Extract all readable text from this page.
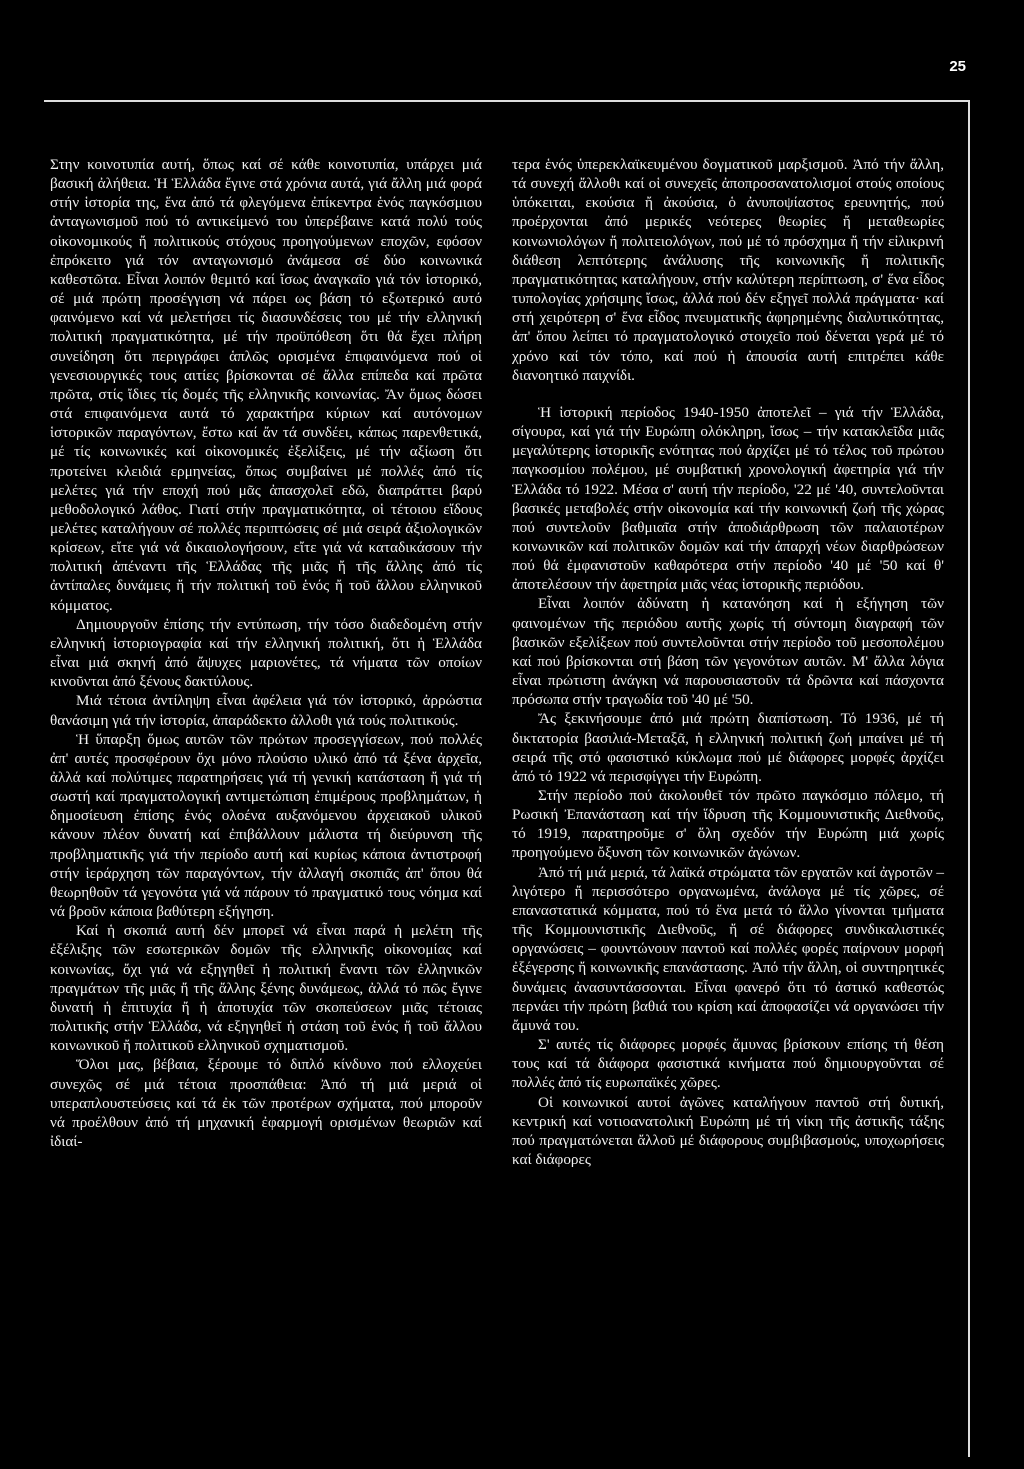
25

Στην κοινοτυπία αυτή, ὅπως καί σέ κάθε κοινοτυπία, υπάρχει μιά βασική ἀλήθεια. Ἡ Ἑλλάδα ἔγινε στά χρόνια αυτά, γιά ἄλλη μιά φορά στήν ἱστορία της, ἕνα ἀπό τά φλεγόμενα ἐπίκεντρα ἑνός παγκόσμιου ἀνταγωνισμοῦ πού τό αντικείμενό του ὑπερέβαινε κατά πολύ τούς οἰκονομικούς ἤ πολιτικούς στόχους προηγούμενων εποχῶν, εφόσον ἐπρόκειτο γιά τόν ανταγωνισμό ἀνάμεσα σέ δύο κοινωνικά καθεστῶτα. Εἶναι λοιπόν θεμιτό καί ἴσως ἀναγκαῖο γιά τόν ἱστορικό, σέ μιά πρώτη προσέγγιση νά πάρει ως βάση τό εξωτερικό αυτό φαινόμενο καί νά μελετήσει τίς διασυνδέσεις του μέ τήν ελληνική πολιτική πραγματικότητα, μέ τήν προϋπόθεση ὅτι θά ἔχει πλήρη συνείδηση ὅτι περιγράφει ἁπλῶς ορισμένα ἐπιφαινόμενα πού οἱ γενεσιουργικές τους αιτίες βρίσκονται σέ ἄλλα επίπεδα καί πρῶτα πρῶτα, στίς ἴδιες τίς δομές τῆς ελληνικῆς κοινωνίας. Ἄν ὅμως δώσει στά επιφαινόμενα αυτά τό χαρακτήρα κύριων καί αυτόνομων ἱστορικῶν παραγόντων, ἔστω καί ἄν τά συνδέει, κάπως παρενθετικά, μέ τίς κοινωνικές καί οἰκονομικές ἐξελίξεις, μέ τήν αξίωση ὅτι προτείνει κλειδιά ερμηνείας, ὅπως συμβαίνει μέ πολλές ἀπό τίς μελέτες γιά τήν εποχή πού μᾶς ἀπασχολεῖ εδῶ, διαπράττει βαρύ μεθοδολογικό λάθος. Γιατί στήν πραγματικότητα, οἱ τέτοιου εἴδους μελέτες καταλήγουν σέ πολλές περιπτώσεις σέ μιά σειρά ἀξιολογικῶν κρίσεων, εἴτε γιά νά δικαιολογήσουν, εἴτε γιά νά καταδικάσουν τήν πολιτική ἀπέναντι τῆς Ἑλλάδας τῆς μιᾶς ἤ τῆς ἄλλης ἀπό τίς ἀντίπαλες δυνάμεις ἤ τήν πολιτική τοῦ ἑνός ἤ τοῦ ἄλλου ελληνικοῦ κόμματος.

Δημιουργοῦν ἐπίσης τήν εντύπωση, τήν τόσο διαδεδομένη στήν ελληνική ἱστοριογραφία καί τήν ελληνική πολιτική, ὅτι ἡ Ἑλλάδα εἶναι μιά σκηνή ἀπό ἄψυχες μαριονέτες, τά νήματα τῶν οποίων κινοῦνται ἀπό ξένους δακτύλους.

Μιά τέτοια ἀντίληψη εἶναι ἀφέλεια γιά τόν ἱστορικό, ἀρρώστια θανάσιμη γιά τήν ἱστορία, ἀπαράδεκτο ἀλλοθι γιά τούς πολιτικούς.

Ἡ ὕπαρξη ὅμως αυτῶν τῶν πρώτων προσεγγίσεων, πού πολλές ἀπ' αυτές προσφέρουν ὄχι μόνο πλούσιο υλικό ἀπό τά ξένα ἀρχεῖα, ἀλλά καί πολύτιμες παρατηρήσεις γιά τή γενική κατάσταση ἤ γιά τή σωστή καί πραγματολογική αντιμετώπιση ἐπιμέρους προβλημάτων, ἡ δημοσίευση ἐπίσης ἑνός ολοένα αυξανόμενου ἀρχειακοῦ υλικοῦ κάνουν πλέον δυνατή καί ἐπιβάλλουν μάλιστα τή διεύρυνση τῆς προβληματικῆς γιά τήν περίοδο αυτή καί κυρίως κάποια ἀντιστροφή στήν ἱεράρχηση τῶν παραγόντων, τήν ἀλλαγή σκοπιᾶς ἀπ' ὅπου θά θεωρηθοῦν τά γεγονότα γιά νά πάρουν τό πραγματικό τους νόημα καί νά βροῦν κάποια βαθύτερη εξήγηση.

Καί ἡ σκοπιά αυτή δέν μπορεῖ νά εἶναι παρά ἡ μελέτη τῆς ἐξέλιξης τῶν εσωτερικῶν δομῶν τῆς ελληνικῆς οἰκονομίας καί κοινωνίας, ὄχι γιά νά εξηγηθεῖ ἡ πολιτική ἔναντι τῶν ἑλληνικῶν πραγμάτων τῆς μιᾶς ἤ τῆς ἄλλης ξένης δυνάμεως, ἀλλά τό πῶς ἔγινε δυνατή ἡ ἐπιτυχία ἤ ἡ ἀποτυχία τῶν σκοπεύσεων μιᾶς τέτοιας πολιτικῆς στήν Ἑλλάδα, νά εξηγηθεῖ ἡ στάση τοῦ ἑνός ἤ τοῦ ἄλλου κοινωνικοῦ ἤ πολιτικοῦ ελληνικοῦ σχηματισμοῦ.

Ὅλοι μας, βέβαια, ξέρουμε τό διπλό κίνδυνο πού ελλοχεύει συνεχῶς σέ μιά τέτοια προσπάθεια: Ἀπό τή μιά μεριά οἱ υπεραπλουστεύσεις καί τά ἐκ τῶν προτέρων σχήματα, πού μποροῦν νά προέλθουν ἀπό τή μηχανική ἐφαρμογή ορισμένων θεωριῶν καί ἰδιαί-

τερα ἑνός ὑπερεκλαϊκευμένου δογματικοῦ μαρξισμοῦ. Ἀπό τήν ἄλλη, τά συνεχή ἄλλοθι καί οἱ συνεχεῖς ἀποπροσανατολισμοί στούς οποίους ὑπόκειται, εκούσια ἤ ἀκούσια, ὁ ἀνυποψίαστος ερευνητής, πού προέρχονται ἀπό μερικές νεότερες θεωρίες ἤ μεταθεωρίες κοινωνιολόγων ἤ πολιτειολόγων, πού μέ τό πρόσχημα ἤ τήν εἰλικρινή διάθεση λεπτότερης ἀνάλυσης τῆς κοινωνικῆς ἤ πολιτικῆς πραγματικότητας καταλήγουν, στήν καλύτερη περίπτωση, σ' ἕνα εἶδος τυπολογίας χρήσιμης ἴσως, ἀλλά πού δέν εξηγεῖ πολλά πράγματα· καί στή χειρότερη σ' ἕνα εἶδος πνευματικῆς ἀφηρημένης διαλυτικότητας, ἀπ' ὅπου λείπει τό πραγματολογικό στοιχεῖο πού δένεται γερά μέ τό χρόνο καί τόν τόπο, καί πού ἡ ἀπουσία αυτή επιτρέπει κάθε διανοητικό παιχνίδι.

Ἡ ἱστορική περίοδος 1940-1950 ἀποτελεῖ – γιά τήν Ἑλλάδα, σίγουρα, καί γιά τήν Ευρώπη ολόκληρη, ἴσως – τήν κατακλεῖδα μιᾶς μεγαλύτερης ἱστορικῆς ενότητας πού ἀρχίζει μέ τό τέλος τοῦ πρώτου παγκοσμίου πολέμου, μέ συμβατική χρονολογική ἀφετηρία γιά τήν Ἑλλάδα τό 1922. Μέσα σ' αυτή τήν περίοδο, '22 μέ '40, συντελοῦνται βασικές μεταβολές στήν οἰκονομία καί τήν κοινωνική ζωή τῆς χώρας πού συντελοῦν βαθμιαῖα στήν ἀποδιάρθρωση τῶν παλαιοτέρων κοινωνικῶν καί πολιτικῶν δομῶν καί τήν ἀπαρχή νέων διαρθρώσεων πού θά ἐμφανιστοῦν καθαρότερα στήν περίοδο '40 μέ '50 καί θ' ἀποτελέσουν τήν ἀφετηρία μιᾶς νέας ἱστορικῆς περιόδου.

Εἶναι λοιπόν ἀδύνατη ἡ κατανόηση καί ἡ εξήγηση τῶν φαινομένων τῆς περιόδου αυτῆς χωρίς τή σύντομη διαγραφή τῶν βασικῶν εξελίξεων πού συντελοῦνται στήν περίοδο τοῦ μεσοπολέμου καί πού βρίσκονται στή βάση τῶν γεγονότων αυτῶν. Μ' ἄλλα λόγια εἶναι πρώτιστη ἀνάγκη νά παρουσιαστοῦν τά δρῶντα καί πάσχοντα πρόσωπα στήν τραγωδία τοῦ '40 μέ '50.

Ἄς ξεκινήσουμε ἀπό μιά πρώτη διαπίστωση. Τό 1936, μέ τή δικτατορία βασιλιά-Μεταξᾶ, ἡ ελληνική πολιτική ζωή μπαίνει μέ τή σειρά τῆς στό φασιστικό κύκλωμα πού μέ διάφορες μορφές ἀρχίζει ἀπό τό 1922 νά περισφίγγει τήν Ευρώπη.

Στήν περίοδο πού ἀκολουθεῖ τόν πρῶτο παγκόσμιο πόλεμο, τή Ρωσική Ἐπανάσταση καί τήν ἵδρυση τῆς Κομμουνιστικῆς Διεθνοῦς, τό 1919, παρατηροῦμε σ' ὅλη σχεδόν τήν Ευρώπη μιά χωρίς προηγούμενο ὄξυνση τῶν κοινωνικῶν ἀγώνων.

Ἀπό τή μιά μεριά, τά λαϊκά στρώματα τῶν εργατῶν καί ἀγροτῶν – λιγότερο ἤ περισσότερο οργανωμένα, ἀνάλογα μέ τίς χῶρες, σέ επαναστατικά κόμματα, πού τό ἕνα μετά τό ἄλλο γίνονται τμήματα τῆς Κομμουνιστικῆς Διεθνοῦς, ἤ σέ διάφορες συνδικαλιστικές οργανώσεις – φουντώνουν παντοῦ καί πολλές φορές παίρνουν μορφή ἐξέγερσης ἤ κοινωνικῆς επανάστασης. Ἀπό τήν ἄλλη, οἱ συντηρητικές δυνάμεις ἀνασυντάσσονται. Εἶναι φανερό ὅτι τό ἀστικό καθεστώς περνάει τήν πρώτη βαθιά του κρίση καί ἀποφασίζει νά οργανώσει τήν ἄμυνά του.

Σ' αυτές τίς διάφορες μορφές ἄμυνας βρίσκουν επίσης τή θέση τους καί τά διάφορα φασιστικά κινήματα πού δημιουργοῦνται σέ πολλές ἀπό τίς ευρωπαϊκές χῶρες.

Οἱ κοινωνικοί αυτοί ἀγῶνες καταλήγουν παντοῦ στή δυτική, κεντρική καί νοτιοανατολική Ευρώπη μέ τή νίκη τῆς ἀστικῆς τάξης πού πραγματώνεται ἄλλοῦ μέ διάφορους συμβιβασμούς, υποχωρήσεις καί διάφορες
